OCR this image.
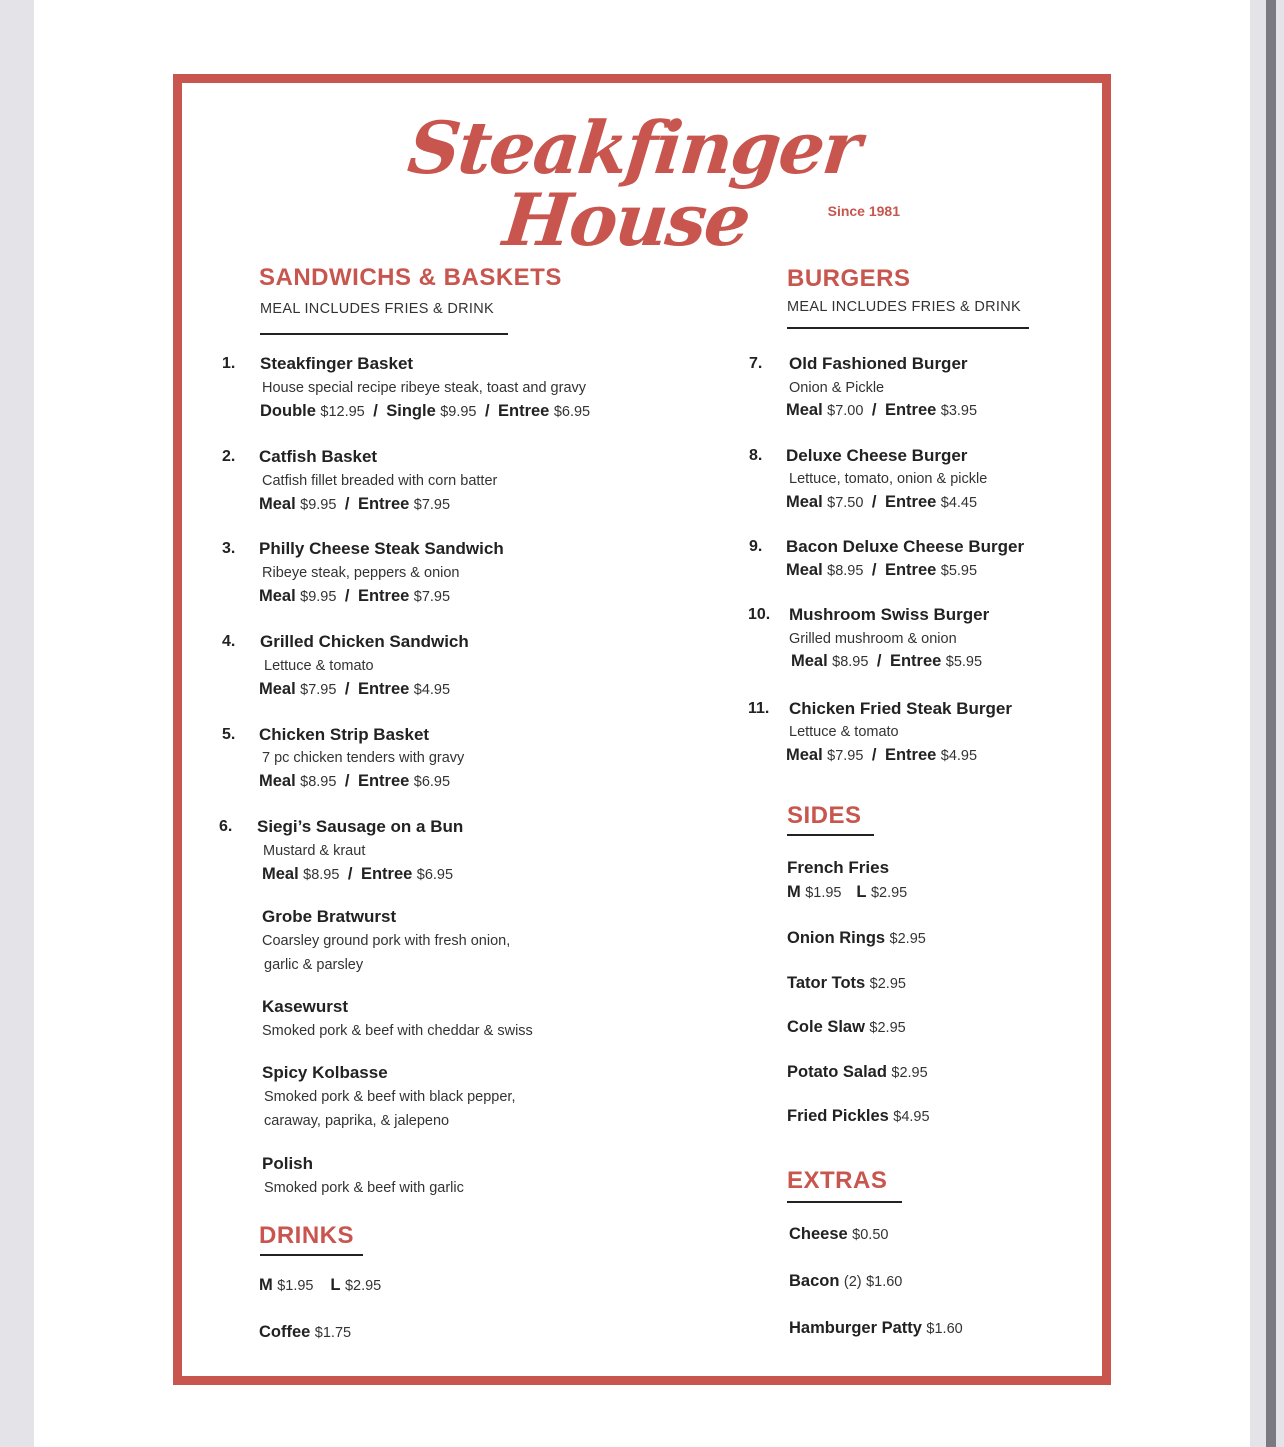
Steakfinger House	Since 1981
SANDWICHS & BASKETS
MEAL INCLUDES FRIES & DRINK
1. Steakfinger Basket
House special recipe ribeye steak, toast and gravy
Double $12.95 / Single $9.95 / Entree $6.95
2. Catfish Basket
Catfish fillet breaded with corn batter
Meal $9.95 / Entree $7.95
3. Philly Cheese Steak Sandwich
Ribeye steak, peppers & onion
Meal $9.95 / Entree $7.95
4. Grilled Chicken Sandwich
Lettuce & tomato
Meal $7.95 / Entree $4.95
5. Chicken Strip Basket
7 pc chicken tenders with gravy
Meal $8.95 / Entree $6.95
6. Siegi’s Sausage on a Bun
Mustard & kraut
Meal $8.95 / Entree $6.95
Grobe Bratwurst
Coarsley ground pork with fresh onion,
garlic & parsley
Kasewurst
Smoked pork & beef with cheddar & swiss
Spicy Kolbasse
Smoked pork & beef with black pepper,
caraway, paprika, & jalepeno
Polish
Smoked pork & beef with garlic
DRINKS
M $1.95 L $2.95
Coffee $1.75
BURGERS
MEAL INCLUDES FRIES & DRINK
7. Old Fashioned Burger
Onion & Pickle
Meal $7.00 / Entree $3.95
8. Deluxe Cheese Burger
Lettuce, tomato, onion & pickle
Meal $7.50 / Entree $4.45
9. Bacon Deluxe Cheese Burger
Meal $8.95 / Entree $5.95
10. Mushroom Swiss Burger
Grilled mushroom & onion
Meal $8.95 / Entree $5.95
11. Chicken Fried Steak Burger
Lettuce & tomato
Meal $7.95 / Entree $4.95
SIDES
French Fries
M $1.95 L $2.95
Onion Rings $2.95
Tator Tots $2.95
Cole Slaw $2.95
Potato Salad $2.95
Fried Pickles $4.95
EXTRAS
Cheese $0.50
Bacon (2) $1.60
Hamburger Patty $1.60
